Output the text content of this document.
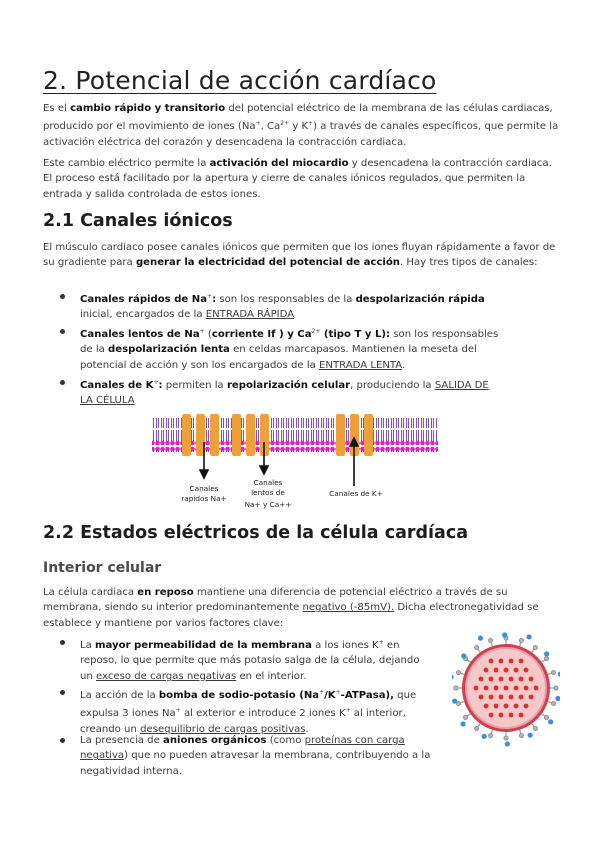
2. Potencial de acción cardíaco
Es el cambio rápido y transitorio del potencial eléctrico de la membrana de las células cardiacas, producido por el movimiento de iones (Na+, $Ca^{2+}$ y K+) a través de canales específicos, que permite la activación eléctrica del corazón y desencadena la contracción cardiaca.
Este cambio eléctrico permite la activación del miocardio y desencadena la contracción cardiaca. El proceso está facilitado por la apertura y cierre de canales iónicos regulados, que permiten la entrada y salida controlada de estos iones.
2.1 Canales iónicos
El músculo cardiaco posee canales iónicos que permiten que los iones fluyan rápidamente a favor de su gradiente para generar la electricidad del potencial de acción. Hay tres tipos de canales:
Canales rápidos de Na+: son los responsables de la despolarización rápida inicial, encargados de la ENTRADA RÁPIDA
Canales lentos de Na+ (corriente If ) y $Ca^{2+}$ (tipo T y L): son los responsables de la despolarización lenta en celdas marcapasos. Mantienen la meseta del potencial de acción y son los encargados de la ENTRADA LENTA.
Canales de K+: permiten la repolarización celular, produciendo la SALIDA DE LA CÉLULA
Canales
rapidos Na+
Canales
lentos de
Na+ y Ca++
Canales de K+
2.2 Estados eléctricos de la célula cardíaca
Interior celular
La célula cardiaca en reposo mantiene una diferencia de potencial eléctrico a través de su membrana, siendo su interior predominantemente negativo (-85mV). Dicha electronegatividad se establece y mantiene por varios factores clave:
La mayor permeabilidad de la membrana a los iones K+ en reposo, lo que permite que más potasio salga de la célula, dejando un exceso de cargas negativas en el interior.
La acción de la bomba de sodio-potasio (Na+/K+-ATPasa), que expulsa 3 iones Na+ al exterior e introduce 2 iones K+ al interior, creando un desequilibrio de cargas positivas.
La presencia de aniones orgánicos (como proteínas con carga negativa) que no pueden atravesar la membrana, contribuyendo a la negatividad interna.
